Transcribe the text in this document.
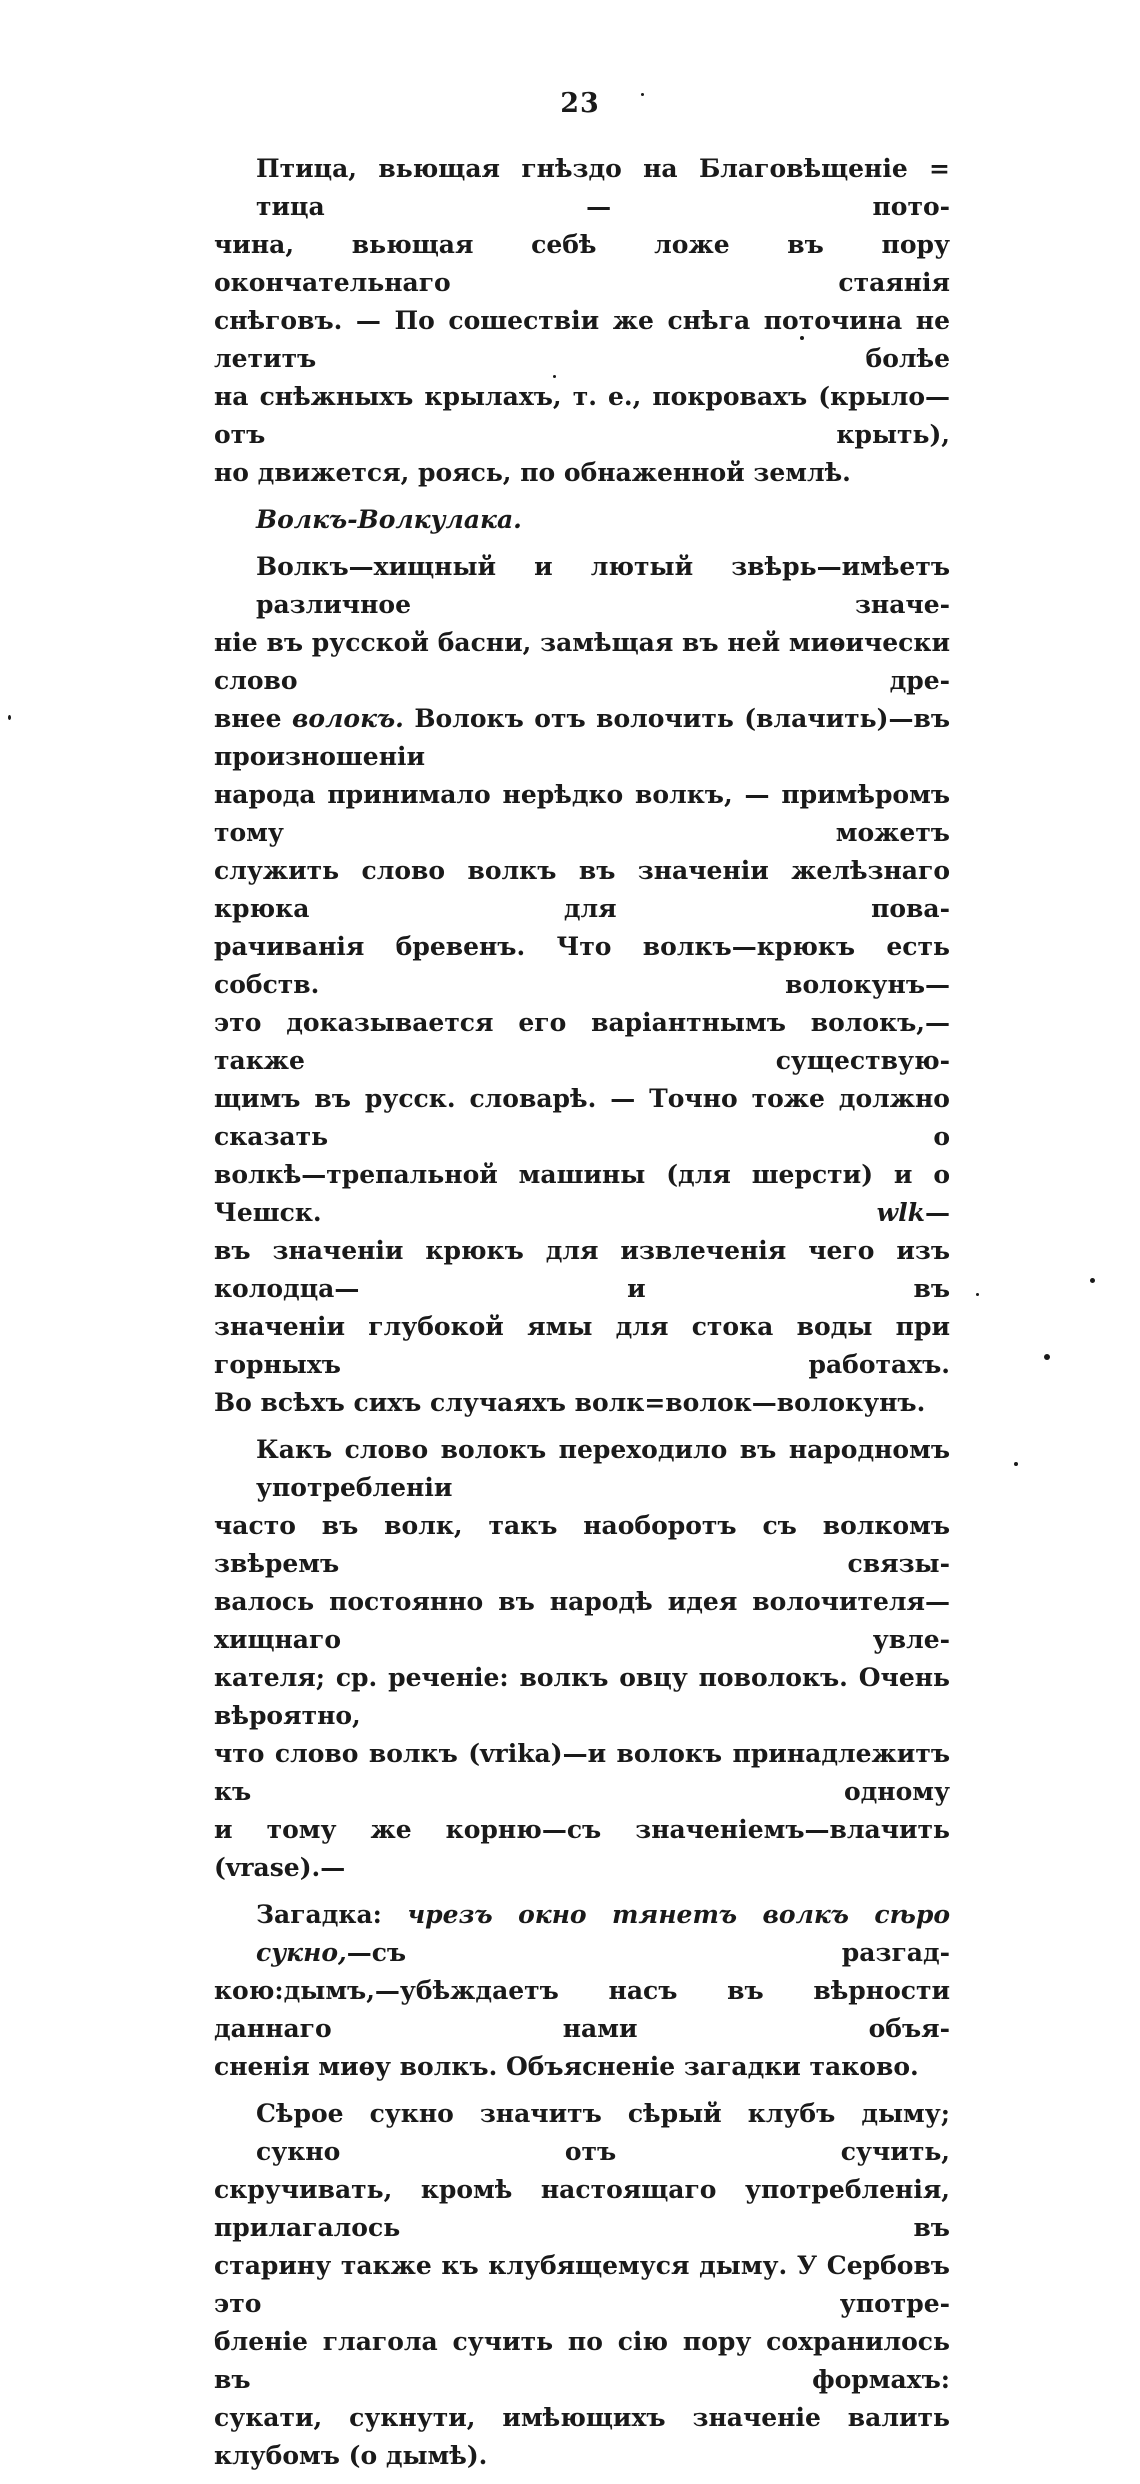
23

Птица, вьющая гнѣздо на Благовѣщеніе = тица — пото-
чина, вьющая себѣ ложе въ пору окончательнаго стаянія
снѣговъ. — По сошествіи же снѣга поточина не летитъ болѣе
на снѣжныхъ крылахъ, т. е., покровахъ (крыло—отъ крыть),
но движется, роясь, по обнаженной землѣ.

Волкъ-Волкулака.

Волкъ—хищный и лютый звѣрь—имѣетъ различное значе-
ніе въ русской басни, замѣщая въ ней миѳически слово дре-
внее волокъ. Волокъ отъ волочить (влачить)—въ произношеніи
народа принимало нерѣдко волкъ, — примѣромъ тому можетъ
служить слово волкъ въ значеніи желѣзнаго крюка для пова-
рачиванія бревенъ. Что волкъ—крюкъ есть собств. волокунъ—
это доказывается его варіантнымъ волокъ,—также существую-
щимъ въ русск. словарѣ. — Точно тоже должно сказать о
волкѣ—трепальной машины (для шерсти) и о Чешск.	wlk—
въ значеніи крюкъ для извлеченія чего изъ колодца— и въ
значеніи глубокой ямы для стока воды при горныхъ работахъ.
Во всѣхъ сихъ случаяхъ волк=волок—волокунъ.

Какъ слово волокъ переходило въ народномъ употребленіи
часто въ волк, такъ наоборотъ съ волкомъ звѣремъ связы-
валось постоянно въ народѣ идея волочителя—хищнаго увле-
кателя; ср. реченіе: волкъ овцу поволокъ. Очень вѣроятно,
что слово волкъ (vrika)—и волокъ принадлежитъ къ одному
и тому же корню—съ значеніемъ—влачить (vrase).—

Загадка: чрезъ окно тянетъ волкъ сѣро сукно,—съ разгад-
кою:дымъ,—убѣждаетъ насъ въ вѣрности даннаго нами объя-
сненія миѳу волкъ. Объясненіе загадки таково.

Сѣрое сукно значитъ сѣрый клубъ дыму; сукно отъ сучить,
скручивать, кромѣ настоящаго употребленія, прилагалось въ
старину также къ клубящемуся дыму. У Сербовъ это употре-
бленіе глагола сучить по сію пору сохранилось въ формахъ:
сукати, сукнути, имѣющихъ значеніе валить клубомъ (о дымѣ).
